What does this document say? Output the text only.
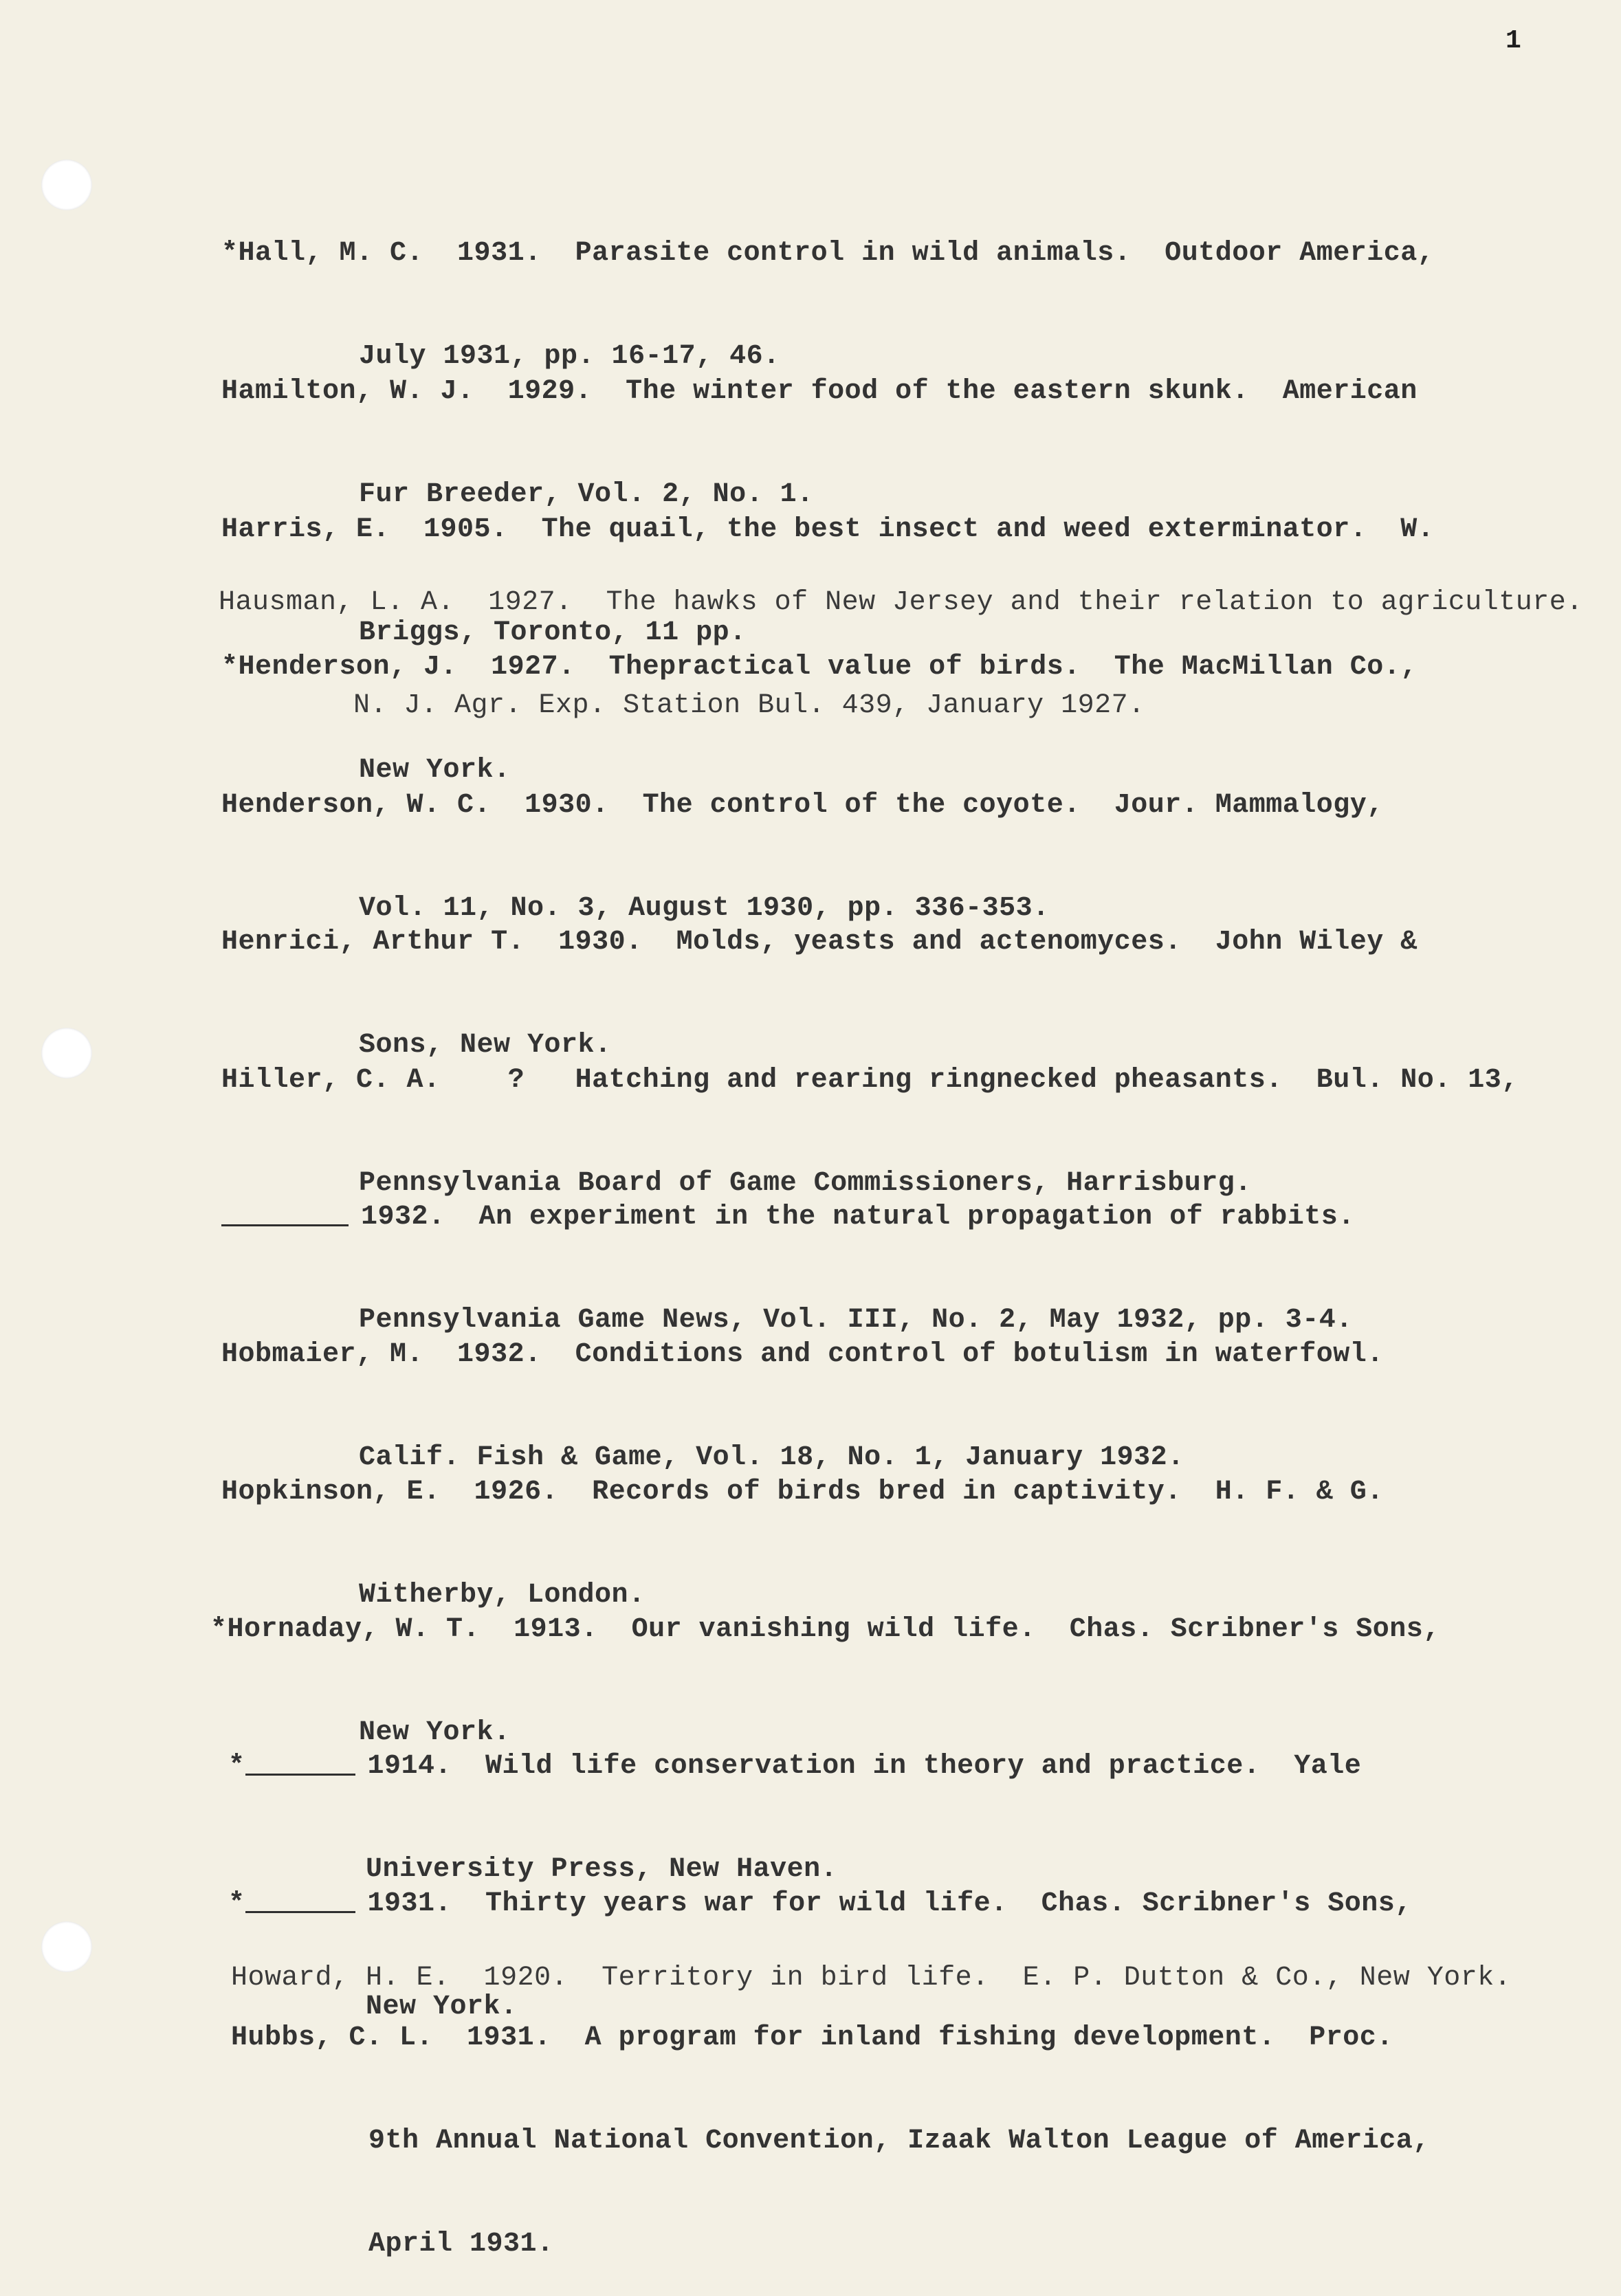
1

*Hall, M. C.  1931.  Parasite control in wild animals.  Outdoor America,

July 1931, pp. 16-17, 46.

Hamilton, W. J.  1929.  The winter food of the eastern skunk.  American

Fur Breeder, Vol. 2, No. 1.

Harris, E.  1905.  The quail, the best insect and weed exterminator.  W.

Briggs, Toronto, 11 pp.

Hausman, L. A.  1927.  The hawks of New Jersey and their relation to agriculture.

N. J. Agr. Exp. Station Bul. 439, January 1927.

*Henderson, J.  1927.  Thepractical value of birds.  The MacMillan Co.,

New York.

Henderson, W. C.  1930.  The control of the coyote.  Jour. Mammalogy,

Vol. 11, No. 3, August 1930, pp. 336-353.

Henrici, Arthur T.  1930.  Molds, yeasts and actenomyces.  John Wiley &

Sons, New York.

Hiller, C. A.    ?   Hatching and rearing ringnecked pheasants.  Bul. No. 13,

Pennsylvania Board of Game Commissioners, Harrisburg.

1932.  An experiment in the natural propagation of rabbits.

Pennsylvania Game News, Vol. III, No. 2, May 1932, pp. 3-4.

Hobmaier, M.  1932.  Conditions and control of botulism in waterfowl.

Calif. Fish & Game, Vol. 18, No. 1, January 1932.

Hopkinson, E.  1926.  Records of birds bred in captivity.  H. F. & G.

Witherby, London.

*Hornaday, W. T.  1913.  Our vanishing wild life.  Chas. Scribner's Sons,

New York.

*	1914.  Wild life conservation in theory and practice.  Yale

University Press, New Haven.

*	1931.  Thirty years war for wild life.  Chas. Scribner's Sons,

New York.

Howard, H. E.  1920.  Territory in bird life.  E. P. Dutton & Co., New York.

Hubbs, C. L.  1931.  A program for inland fishing development.  Proc.

9th Annual National Convention, Izaak Walton League of America,

April 1931.
